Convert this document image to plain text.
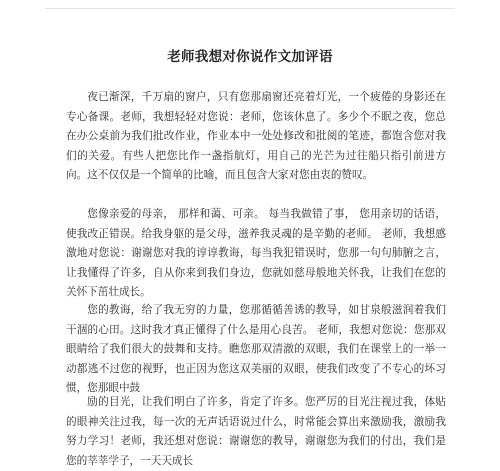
老师我想对你说作文加评语

夜已渐深，千万扇的窗户，只有您那扇窗还亮着灯光，一个疲倦的身影还在专心备课。老师，我想轻轻对您说：老师，您该休息了。多少个不眠之夜，您总在办公桌前为我们批改作业，作业本中一处处修改和批阅的笔迹，都饱含您对我们的关爱。有些人把您比作一盏指航灯，用自己的光芒为过往船只指引前进方向。这不仅仅是一个简单的比喻，而且包含大家对您由衷的赞叹。

您像亲爱的母亲， 那样和蔼、可亲。 每当我做错了事， 您用亲切的话语， 使我改正错误。给我身躯的是父母，滋养我灵魂的是辛勤的老师。 老师，我想感激地对您说：谢谢您对我的谆谆教诲，每当我犯错误时，您那一句句肺腑之言，让我懂得了许多，自从你来到我们身边，您就如慈母般地关怀我，让我们在您的关怀下茁壮成长。

您的教诲，给了我无穷的力量，您那循循善诱的教导，如甘泉般滋润着我们干涸的心田。这时我才真正懂得了什么是用心良苦。 老师，我想对您说：您那双眼睛给了我们很大的鼓舞和支持。瞧您那双清澈的双眼，我们在课堂上的一举一动都逃不过您的视野，也正因为您这双美丽的双眼，使我们改变了不专心的坏习惯，您那眼中鼓

励的目光，让我们明白了许多，肯定了许多。您严厉的目光注视过我，体贴的眼神关注过我，每一次的无声话语说过什么，时常能会算出来激励我，激励我努力学习！老师，我还想对您说：谢谢您的教导，谢谢您为我们的付出，我们是您的莘莘学子，一天天成长
